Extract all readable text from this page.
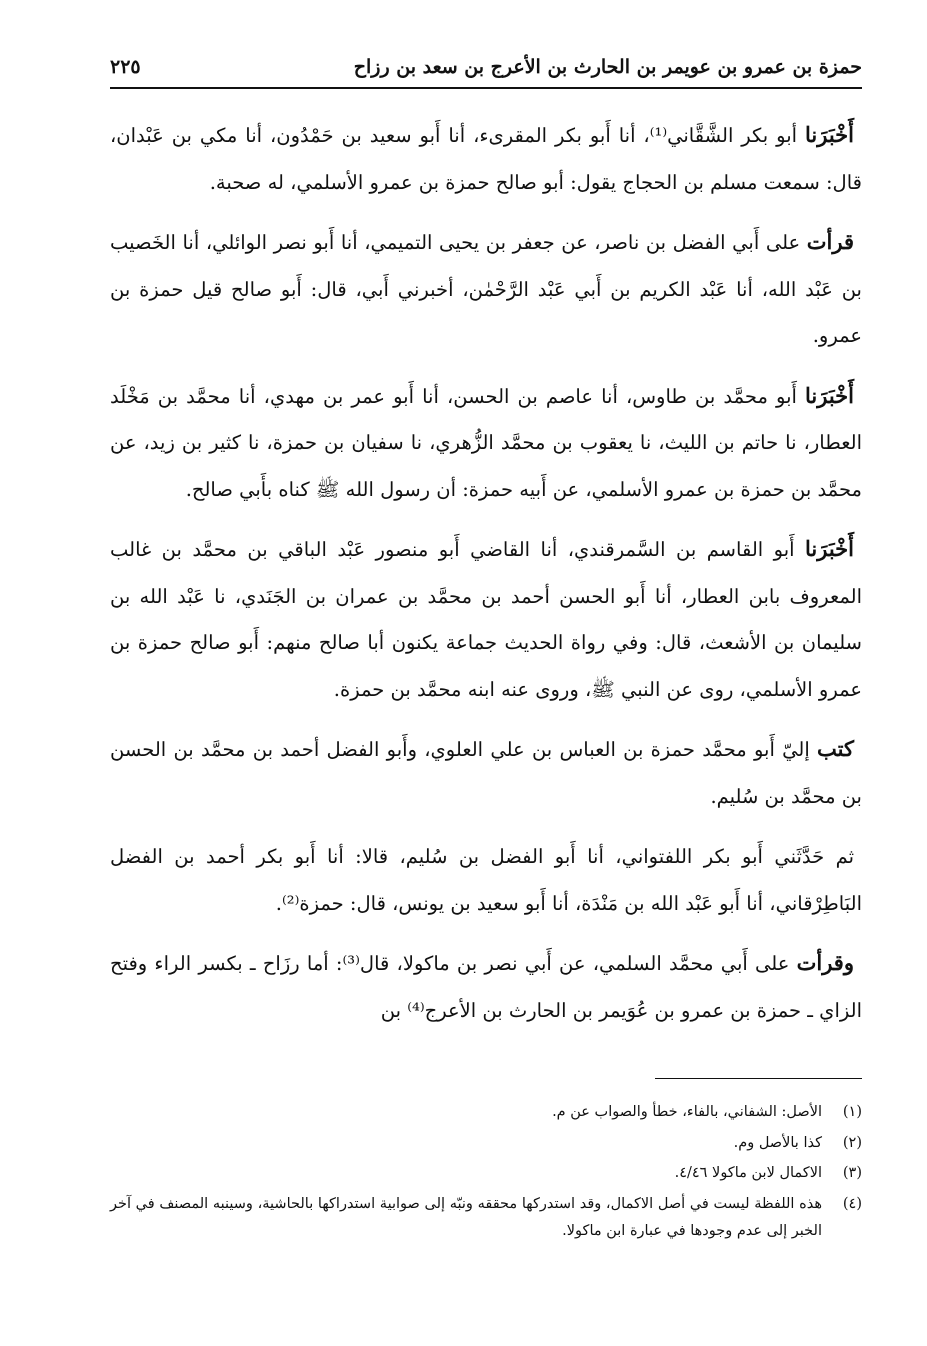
حمزة بن عمرو بن عويمر بن الحارث بن الأعرج بن سعد بن رزاح
٢٢٥

أَخْبَرَنا أبو بكر الشَّقَّاني⁽¹⁾، أنا أَبو بكر المقرىء، أنا أَبو سعيد بن حَمْدُون، أنا مكي بن عَبْدان، قال: سمعت مسلم بن الحجاج يقول: أبو صالح حمزة بن عمرو الأسلمي، له صحبة.

قرأت على أَبي الفضل بن ناصر، عن جعفر بن يحيى التميمي، أنا أَبو نصر الوائلي، أنا الخَصيب بن عَبْد الله، أنا عَبْد الكريم بن أَبي عَبْد الرَّحْمٰن، أخبرني أَبي، قال: أَبو صالح قيل حمزة بن عمرو.

أَخْبَرَنا أَبو محمَّد بن طاوس، أنا عاصم بن الحسن، أنا أَبو عمر بن مهدي، أنا محمَّد بن مَخْلَد العطار، نا حاتم بن الليث، نا يعقوب بن محمَّد الزُّهري، نا سفيان بن حمزة، نا كثير بن زيد، عن محمَّد بن حمزة بن عمرو الأسلمي، عن أَبيه حمزة: أن رسول الله ﷺ كناه بأَبي صالح.

أَخْبَرَنا أَبو القاسم بن السَّمرقندي، أنا القاضي أَبو منصور عَبْد الباقي بن محمَّد بن غالب المعروف بابن العطار، أنا أَبو الحسن أحمد بن محمَّد بن عمران بن الجَنَدي، نا عَبْد الله بن سليمان بن الأشعث، قال: وفي رواة الحديث جماعة يكنون أبا صالح منهم: أَبو صالح حمزة بن عمرو الأسلمي، روى عن النبي ﷺ، وروى عنه ابنه محمَّد بن حمزة.

كتب إليّ أَبو محمَّد حمزة بن العباس بن علي العلوي، وأَبو الفضل أحمد بن محمَّد بن الحسن بن محمَّد بن سُليم.

ثم حَدَّثَني أَبو بكر اللفتواني، أنا أَبو الفضل بن سُليم، قالا: أنا أَبو بكر أحمد بن الفضل البَاطِرْقاني، أنا أَبو عَبْد الله بن مَنْدَة، أنا أَبو سعيد بن يونس، قال: حمزة⁽²⁾.

وقرأت على أَبي محمَّد السلمي، عن أَبي نصر بن ماكولا، قال⁽³⁾: أما رزَاح ـ بكسر الراء وفتح الزاي ـ حمزة بن عمرو بن عُوَيمر بن الحارث بن الأعرج⁽⁴⁾ بن

(١)
الأصل: الشفاني، بالفاء، خطأ والصواب عن م.
(٢)
كذا بالأصل وم.
(٣)
الاكمال لابن ماكولا ٤/٤٦.
(٤)
هذه اللفظة ليست في أصل الاكمال، وقد استدركها محققه ونبّه إلى صوابية استدراكها بالحاشية، وسينبه المصنف في آخر الخبر إلى عدم وجودها في عبارة ابن ماكولا.
